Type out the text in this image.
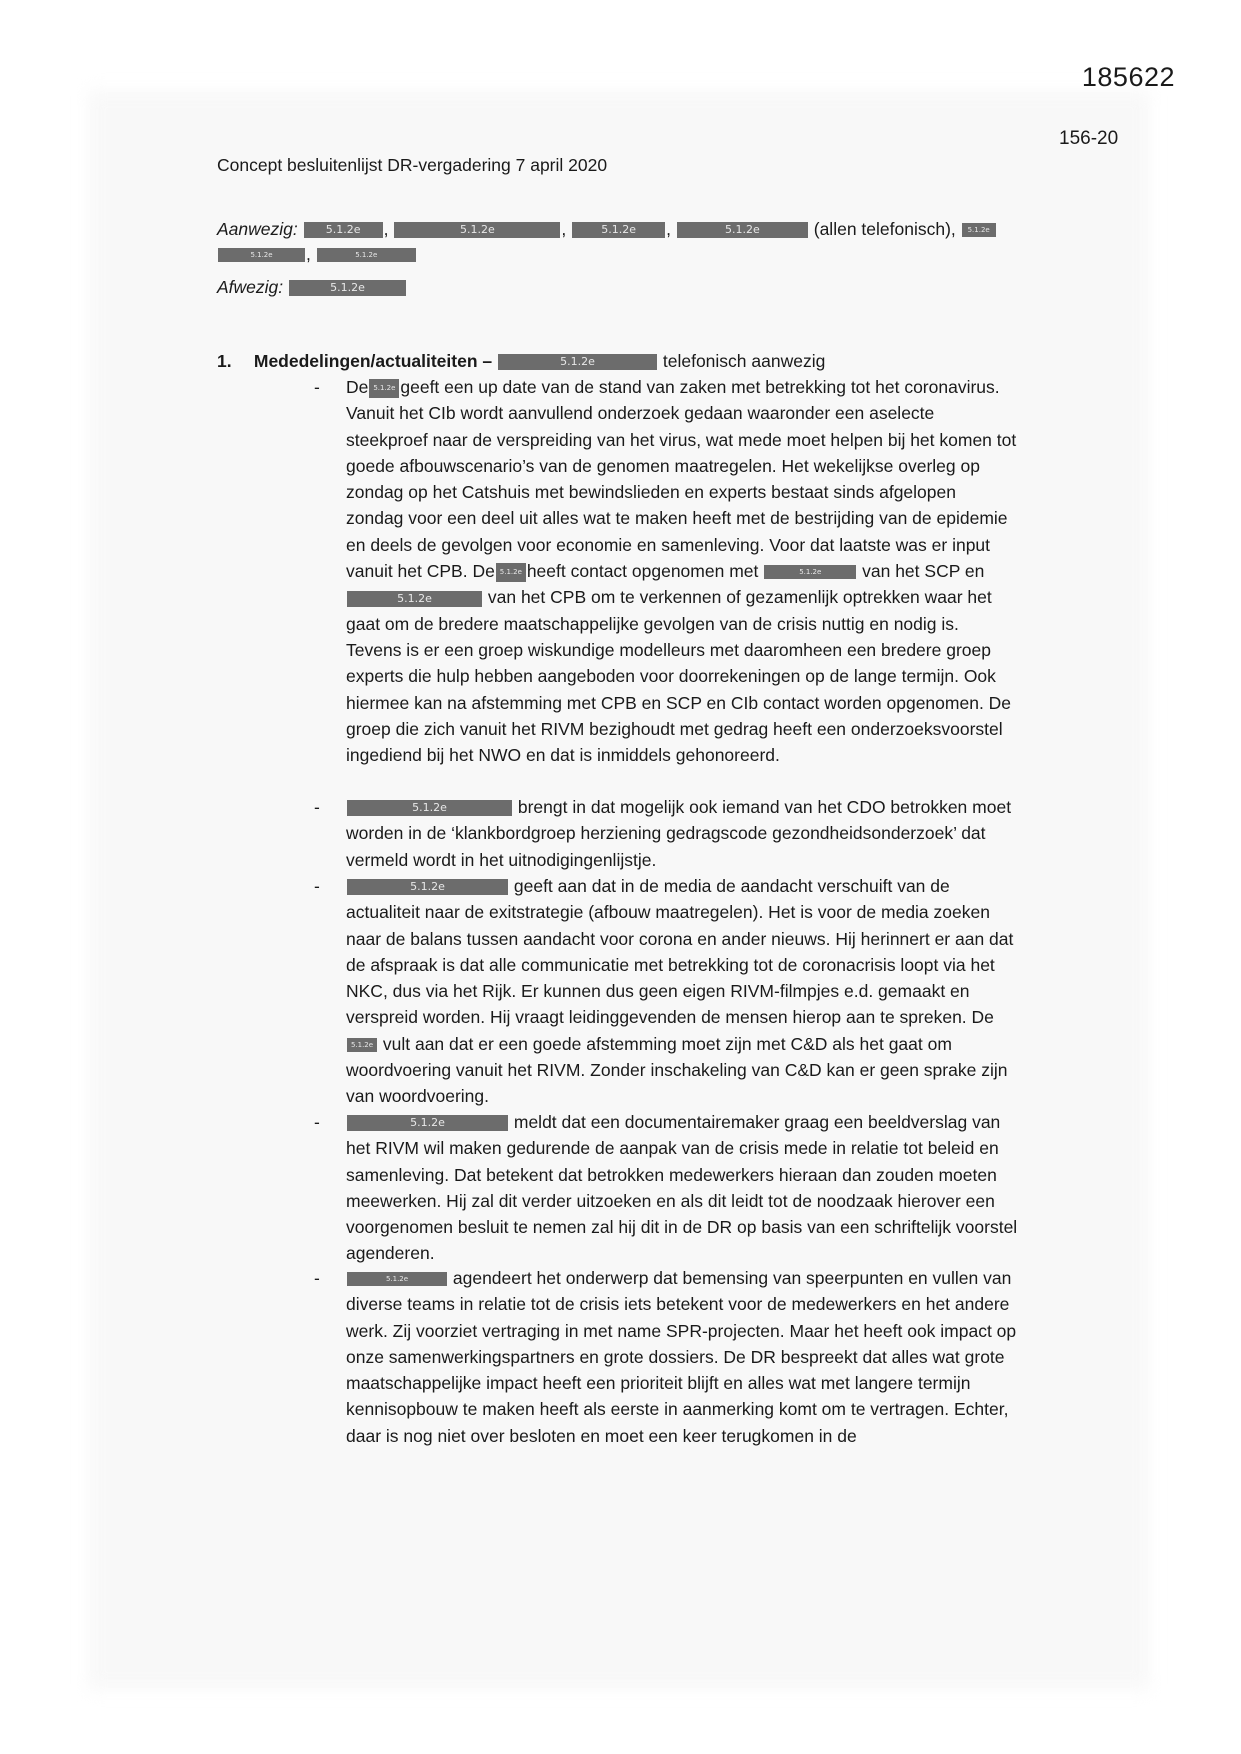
185622
156-20
Concept besluitenlijst DR-vergadering 7 april 2020
Aanwezig:	5.1.2e ,	5.1.2e	,	5.1.2e ,	5.1.2e	(allen telefonisch), 5.1.2e
5.1.2e ,	5.1.2e
Afwezig:	5.1.2e
1. Mededelingen/actualiteiten –	5.1.2e	telefonisch aanwezig
- De 5.1.2e geeft een up date van de stand van zaken met betrekking tot het coronavirus. Vanuit het CIb wordt aanvullend onderzoek gedaan waaronder een aselecte steekproef naar de verspreiding van het virus, wat mede moet helpen bij het komen tot goede afbouwscenario’s van de genomen maatregelen. Het wekelijkse overleg op zondag op het Catshuis met bewindslieden en experts bestaat sinds afgelopen zondag voor een deel uit alles wat te maken heeft met de bestrijding van de epidemie en deels de gevolgen voor economie en samenleving. Voor dat laatste was er input vanuit het CPB. De 5.1.2e heeft contact opgenomen met	5.1.2e van het SCP en 5.1.2e	van het CPB om te verkennen of gezamenlijk optrekken waar het gaat om de bredere maatschappelijke gevolgen van de crisis nuttig en nodig is. Tevens is er een groep wiskundige modelleurs met daaromheen een bredere groep experts die hulp hebben aangeboden voor doorrekeningen op de lange termijn. Ook hiermee kan na afstemming met CPB en SCP en CIb contact worden opgenomen. De groep die zich vanuit het RIVM bezighoudt met gedrag heeft een onderzoeksvoorstel ingediend bij het NWO en dat is inmiddels gehonoreerd.
-	5.1.2e	brengt in dat mogelijk ook iemand van het CDO betrokken moet worden in de ‘klankbordgroep herziening gedragscode gezondheidsonderzoek’ dat vermeld wordt in het uitnodigingenlijstje.
-	5.1.2e	geeft aan dat in de media de aandacht verschuift van de actualiteit naar de exitstrategie (afbouw maatregelen). Het is voor de media zoeken naar de balans tussen aandacht voor corona en ander nieuws. Hij herinnert er aan dat de afspraak is dat alle communicatie met betrekking tot de coronacrisis loopt via het NKC, dus via het Rijk. Er kunnen dus geen eigen RIVM-filmpjes e.d. gemaakt en verspreid worden. Hij vraagt leidinggevenden de mensen hierop aan te spreken. De 5.1.2e vult aan dat er een goede afstemming moet zijn met C&D als het gaat om woordvoering vanuit het RIVM. Zonder inschakeling van C&D kan er geen sprake zijn van woordvoering.
-	5.1.2e	meldt dat een documentairemaker graag een beeldverslag van het RIVM wil maken gedurende de aanpak van de crisis mede in relatie tot beleid en samenleving. Dat betekent dat betrokken medewerkers hieraan dan zouden moeten meewerken. Hij zal dit verder uitzoeken en als dit leidt tot de noodzaak hierover een voorgenomen besluit te nemen zal hij dit in de DR op basis van een schriftelijk voorstel agenderen.
-	5.1.2e	agendeert het onderwerp dat bemensing van speerpunten en vullen van diverse teams in relatie tot de crisis iets betekent voor de medewerkers en het andere werk. Zij voorziet vertraging in met name SPR-projecten. Maar het heeft ook impact op onze samenwerkingspartners en grote dossiers. De DR bespreekt dat alles wat grote maatschappelijke impact heeft een prioriteit blijft en alles wat met langere termijn kennisopbouw te maken heeft als eerste in aanmerking komt om te vertragen. Echter, daar is nog niet over besloten en moet een keer terugkomen in de
